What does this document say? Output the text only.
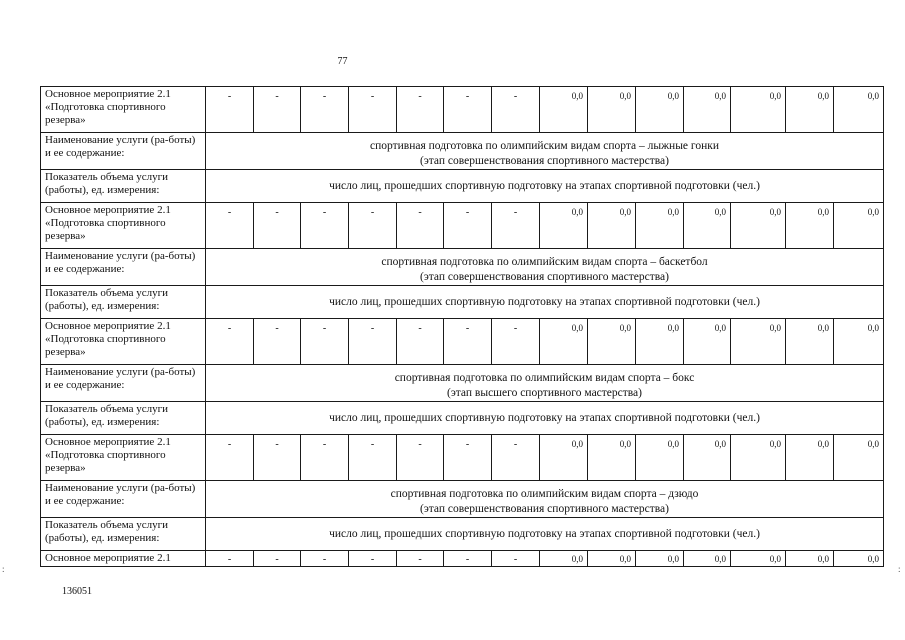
77
Основное мероприятие 2.1 «Подготовка спортивного резерва»	-	-	-	-	-	-	-	0,0	0,0	0,0	0,0	0,0	0,0	0,0
Наименование услуги (ра-боты) и ее содержание:	спортивная подготовка по олимпийским видам спорта – лыжные гонки
(этап совершенствования спортивного мастерства)													

Показатель объема услуги (работы), ед. измерения:	число лиц, прошедших спортивную подготовку на этапах спортивной подготовки (чел.)													
Основное мероприятие 2.1 «Подготовка спортивного резерва»	-	-	-	-	-	-	-	0,0	0,0	0,0	0,0	0,0	0,0	0,0
Наименование услуги (ра-боты) и ее содержание:	спортивная подготовка по олимпийским видам спорта – баскетбол
(этап совершенствования спортивного мастерства)													

Показатель объема услуги (работы), ед. измерения:	число лиц, прошедших спортивную подготовку на этапах спортивной подготовки (чел.)													
Основное мероприятие 2.1 «Подготовка спортивного резерва»	-	-	-	-	-	-	-	0,0	0,0	0,0	0,0	0,0	0,0	0,0
Наименование услуги (ра-боты) и ее содержание:	спортивная подготовка по олимпийским видам спорта – бокс
(этап высшего спортивного мастерства)													

Показатель объема услуги (работы), ед. измерения:	число лиц, прошедших спортивную подготовку на этапах спортивной подготовки (чел.)													
Основное мероприятие 2.1 «Подготовка спортивного резерва»	-	-	-	-	-	-	-	0,0	0,0	0,0	0,0	0,0	0,0	0,0
Наименование услуги (ра-боты) и ее содержание:	спортивная подготовка по олимпийским видам спорта – дзюдо
(этап совершенствования спортивного мастерства)													

Показатель объема услуги (работы), ед. измерения:	число лиц, прошедших спортивную подготовку на этапах спортивной подготовки (чел.)													
Основное мероприятие 2.1	-	-	-	-	-	-	-	0,0	0,0	0,0	0,0	0,0	0,0	0,0
:	:
136051
